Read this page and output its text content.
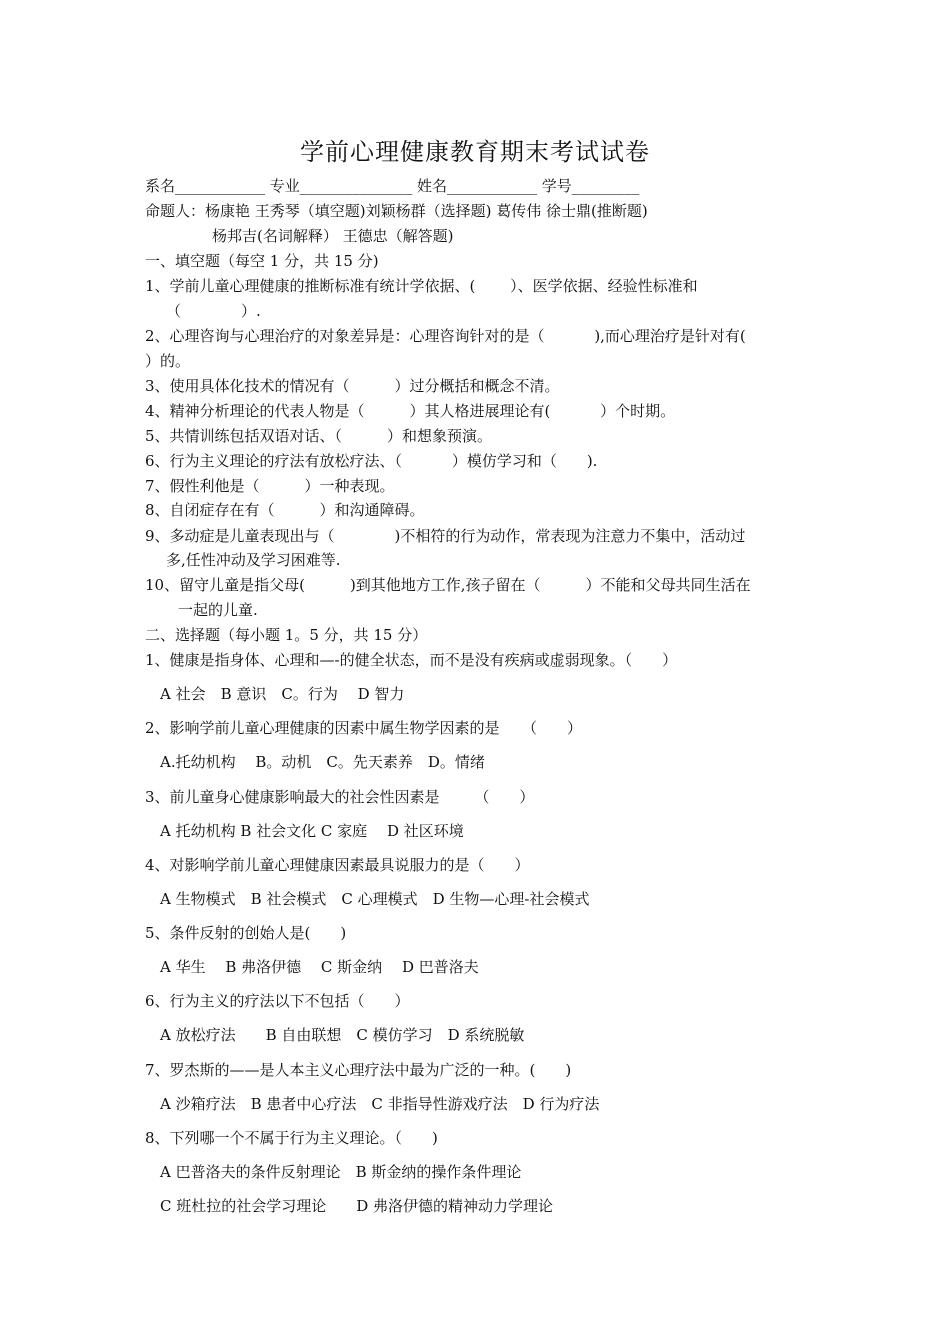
学前心理健康教育期末考试试卷
系名____________ 专业_______________ 姓名____________ 学号_________
命题人：杨康艳 王秀琴（填空题)刘颖杨群（选择题) 葛传伟 徐士鼎(推断题)
杨邦吉(名词解释） 王德忠（解答题)
一、填空题（每空 1 分，共 15 分)
1、学前儿童心理健康的推断标准有统计学依据、(　　 ）、医学依据、经验性标准和
（　　　　）.
2、心理咨询与心理治疗的对象差异是：心理咨询针对的是（　　　 ),而心理治疗是针对有(
）的。
3、使用具体化技术的情况有（　　　）过分概括和概念不清。
4、精神分析理论的代表人物是（　　　）其人格进展理论有(　　　 ）个时期。
5、共情训练包括双语对话、（　　　）和想象预演。
6、行为主义理论的疗法有放松疗法、（　　　 ）模仿学习和（　　).
7、假性利他是（　　　）一种表现。
8、自闭症存在有（　　　）和沟通障碍。
9、多动症是儿童表现出与（　　　　)不相符的行为动作，常表现为注意力不集中，活动过
多,任性冲动及学习困难等.
10、留守儿童是指父母(　　　)到其他地方工作,孩子留在（　　　）不能和父母共同生活在
一起的儿童.
二、选择题（每小题 1。5 分，共 15 分）
1、健康是指身体、心理和—-的健全状态，而不是没有疾病或虚弱现象。（　　）
A 社会　B 意识　C。行为　 D 智力
2、影响学前儿童心理健康的因素中属生物学因素的是　　（　　）
A.托幼机构　 B。动机　C。先天素养　D。情绪
3、前儿童身心健康影响最大的社会性因素是　　 （　　）
A 托幼机构 B 社会文化 C 家庭　 D 社区环境
4、对影响学前儿童心理健康因素最具说服力的是（　　）
A 生物模式　B 社会模式　C 心理模式　D 生物—心理-社会模式
5、条件反射的创始人是(　　)
A 华生　 B 弗洛伊德　 C 斯金纳　 D 巴普洛夫
6、行为主义的疗法以下不包括（　　）
A 放松疗法　　B 自由联想　C 模仿学习　D 系统脱敏
7、罗杰斯的——是人本主义心理疗法中最为广泛的一种。(　　)
A 沙箱疗法　B 患者中心疗法　C 非指导性游戏疗法　D 行为疗法
8、下列哪一个不属于行为主义理论。（　　)
A 巴普洛夫的条件反射理论　B 斯金纳的操作条件理论
C 班杜拉的社会学习理论　　D 弗洛伊德的精神动力学理论
